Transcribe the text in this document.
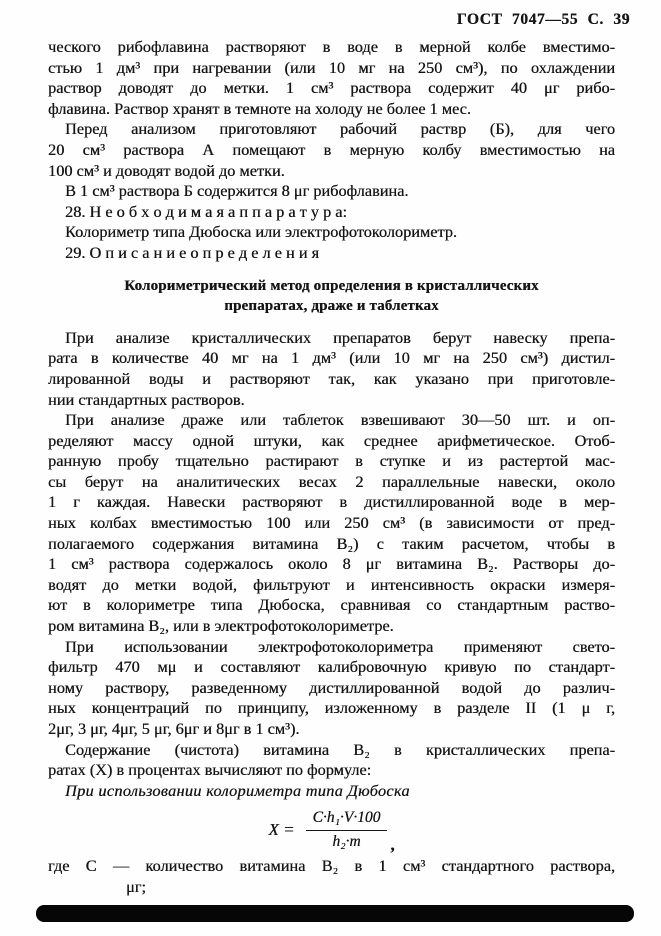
ГОСТ 7047—55 С. 39
ческого рибофлавина растворяют в воде в мерной колбе вместимо-
стью 1 дм³ при нагревании (или 10 мг на 250 см³), по охлаждении
раствор доводят до метки. 1 см³ раствора содержит 40 μг рибо-
флавина. Раствор хранят в темноте на холоду не более 1 мес.
Перед анализом приготовляют рабочий раствр (Б), для чего
20 см³ раствора А помещают в мерную колбу вместимостью на
100 см³ и доводят водой до метки.
В 1 см³ раствора Б содержится 8 μг рибофлавина.
28. Н е о б х о д и м а я а п п а р а т у р а:
Колориметр типа Дюбоска или электрофотоколориметр.
29. О п и с а н и е о п р е д е л е н и я
Колориметрический метод определения в кристаллических
препаратах, драже и таблетках
При анализе кристаллических препаратов берут навеску препа-
рата в количестве 40 мг на 1 дм³ (или 10 мг на 250 см³) дистил-
лированной воды и растворяют так, как указано при приготовле-
нии стандартных растворов.
При анализе драже или таблеток взвешивают 30—50 шт. и оп-
ределяют массу одной штуки, как среднее арифметическое. Отоб-
ранную пробу тщательно растирают в ступке и из растертой мас-
сы берут на аналитических весах 2 параллельные навески, около
1 г каждая. Навески растворяют в дистиллированной воде в мер-
ных колбах вместимостью 100 или 250 см³ (в зависимости от пред-
полагаемого содержания витамина В₂) с таким расчетом, чтобы в
1 см³ раствора содержалось около 8 μг витамина В₂. Растворы до-
водят до метки водой, фильтруют и интенсивность окраски измеря-
ют в колориметре типа Дюбоска, сравнивая со стандартным раство-
ром витамина В₂, или в электрофотоколориметре.
При использовании электрофотоколориметра применяют свето-
фильтр 470 мμ и составляют калибровочную кривую по стандарт-
ному раствору, разведенному дистиллированной водой до различ-
ных концентраций по принципу, изложенному в разделе II (1 μ г,
2μг, 3 μг, 4μг, 5 μг, 6μг и 8μг в 1 см³).
Содержание (чистота) витамина В₂ в кристаллических препа-
ратах (X) в процентах вычисляют по формуле:
При использовании колориметра типа Дюбоска
$X = \frac{\text{C·h₁·V·100}}{\text{h₂·m}}$ ,
где С — количество витамина В₂ в 1 см³ стандартного раствора,
μг;
